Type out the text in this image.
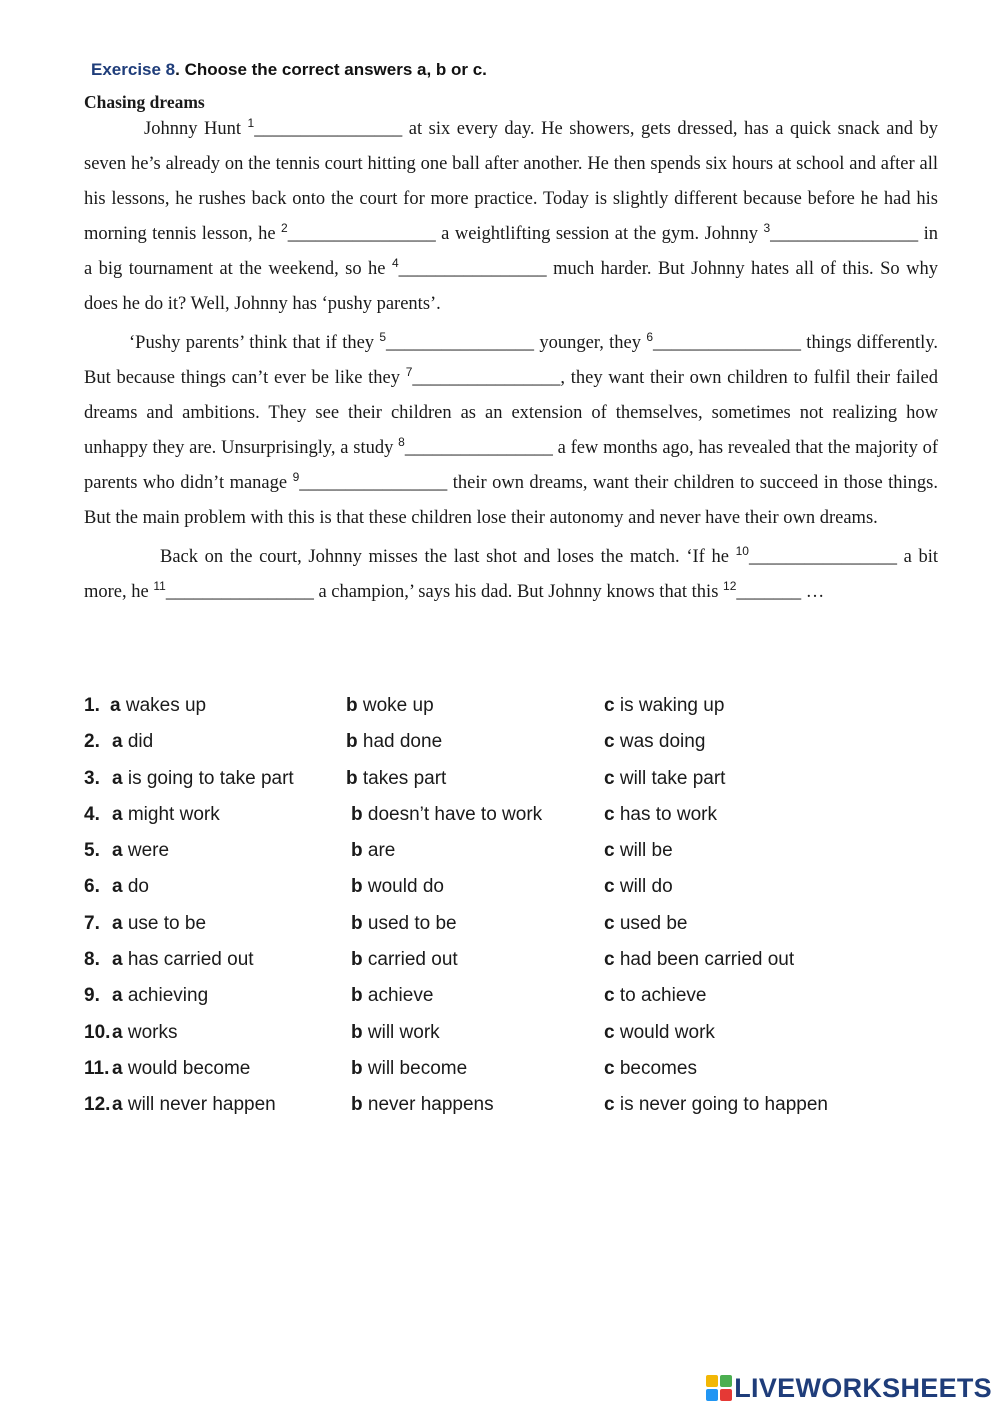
Exercise 8. Choose the correct answers a, b or c.
Chasing dreams

Johnny Hunt $^1$________________ at six every day. He showers, gets dressed, has a quick snack and by seven he’s already on the tennis court hitting one ball after another. He then spends six hours at school and after all his lessons, he rushes back onto the court for more practice. Today is slightly different because before he had his morning tennis lesson, he $^2$________________ a weightlifting session at the gym. Johnny $^3$________________ in a big tournament at the weekend, so he $^4$________________ much harder. But Johnny hates all of this. So why does he do it? Well, Johnny has ‘pushy parents’.

‘Pushy parents’ think that if they $^5$________________ younger, they $^6$________________ things differently. But because things can’t ever be like they $^7$________________, they want their own children to fulfil their failed dreams and ambitions. They see their children as an extension of themselves, sometimes not realizing how unhappy they are. Unsurprisingly, a study $^8$________________ a few months ago, has revealed that the majority of parents who didn’t manage $^9$________________ their own dreams, want their children to succeed in those things. But the main problem with this is that these children lose their autonomy and never have their own dreams.

Back on the court, Johnny misses the last shot and loses the match. ‘If he $^{10}$________________ a bit more, he $^{11}$________________ a champion,’ says his dad. But Johnny knows that this $^{12}$_______ …

1. a wakes up	b woke up	c is waking up
2. a did	b had done	c was doing
3. a is going to take part	b takes part	c will take part
4. a might work	b doesn’t have to work	c has to work
5. a were	b are	c will be
6. a do	b would do	c will do
7. a use to be	b used to be	c used be
8. a has carried out	b carried out	c had been carried out
9. a achieving	b achieve	c to achieve
10. a works	b will work	c would work
11. a would become	b will become	c becomes
12. a will never happen	b never happens	c is never going to happen
LIVEWORKSHEETS
